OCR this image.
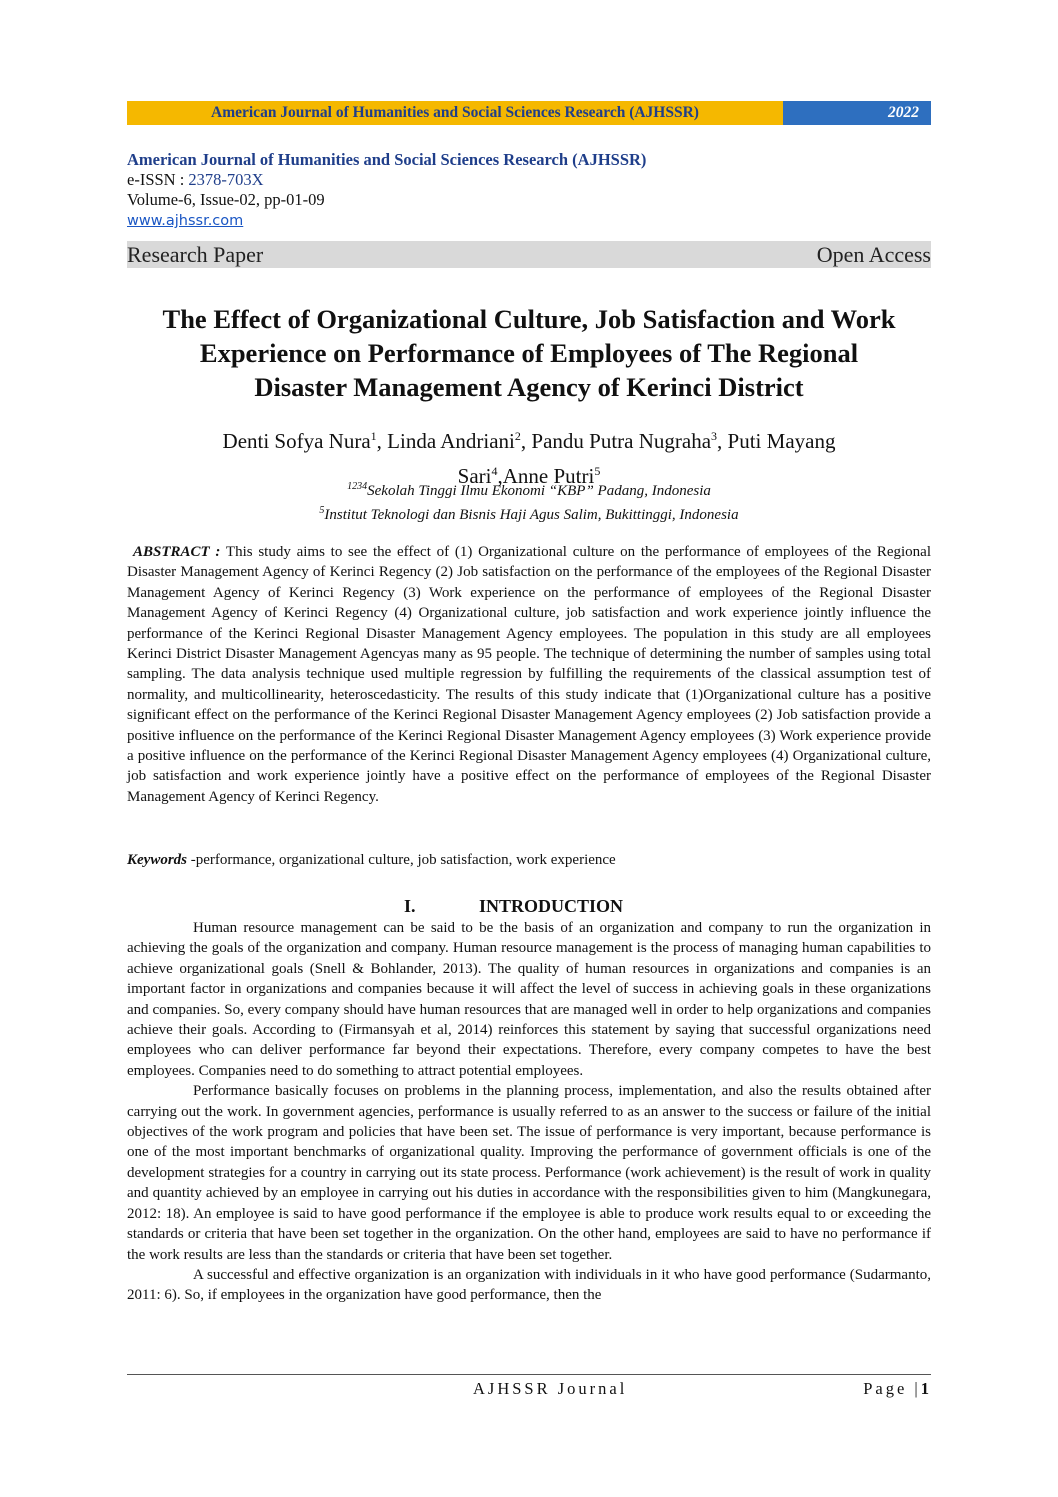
American Journal of Humanities and Social Sciences Research (AJHSSR)	2022
American Journal of Humanities and Social Sciences Research (AJHSSR)
e-ISSN : 2378-703X
Volume-6, Issue-02, pp-01-09
www.ajhssr.com
Research Paper	Open Access
The Effect of Organizational Culture, Job Satisfaction and Work
Experience on Performance of Employees of The Regional
Disaster Management Agency of Kerinci District
Denti Sofya Nura$^1$, Linda Andriani$^2$, Pandu Putra Nugraha$^3$, Puti Mayang
Sari$^4$,Anne Putri$^5$
$^{1234}$Sekolah Tinggi Ilmu Ekonomi “KBP” Padang, Indonesia
$^5$Institut Teknologi dan Bisnis Haji Agus Salim, Bukittinggi, Indonesia

ABSTRACT : This study aims to see the effect of (1) Organizational culture on the performance of employees of the Regional Disaster Management Agency of Kerinci Regency (2) Job satisfaction on the performance of the employees of the Regional Disaster Management Agency of Kerinci Regency (3) Work experience on the performance of employees of the Regional Disaster Management Agency of Kerinci Regency (4) Organizational culture, job satisfaction and work experience jointly influence the performance of the Kerinci Regional Disaster Management Agency employees. The population in this study are all employees Kerinci District Disaster Management Agencyas many as 95 people. The technique of determining the number of samples using total sampling. The data analysis technique used multiple regression by fulfilling the requirements of the classical assumption test of normality, and multicollinearity, heteroscedasticity. The results of this study indicate that (1)Organizational culture has a positive significant effect on the performance of the Kerinci Regional Disaster Management Agency employees (2) Job satisfaction provide a positive influence on the performance of the Kerinci Regional Disaster Management Agency employees (3) Work experience provide a positive influence on the performance of the Kerinci Regional Disaster Management Agency employees (4) Organizational culture, job satisfaction and work experience jointly have a positive effect on the performance of employees of the Regional Disaster Management Agency of Kerinci Regency.

Keywords -performance, organizational culture, job satisfaction, work experience
I.	INTRODUCTION

Human resource management can be said to be the basis of an organization and company to run the organization in achieving the goals of the organization and company. Human resource management is the process of managing human capabilities to achieve organizational goals (Snell & Bohlander, 2013). The quality of human resources in organizations and companies is an important factor in organizations and companies because it will affect the level of success in achieving goals in these organizations and companies. So, every company should have human resources that are managed well in order to help organizations and companies achieve their goals. According to (Firmansyah et al, 2014) reinforces this statement by saying that successful organizations need employees who can deliver performance far beyond their expectations. Therefore, every company competes to have the best employees. Companies need to do something to attract potential employees.

Performance basically focuses on problems in the planning process, implementation, and also the results obtained after carrying out the work. In government agencies, performance is usually referred to as an answer to the success or failure of the initial objectives of the work program and policies that have been set. The issue of performance is very important, because performance is one of the most important benchmarks of organizational quality. Improving the performance of government officials is one of the development strategies for a country in carrying out its state process. Performance (work achievement) is the result of work in quality and quantity achieved by an employee in carrying out his duties in accordance with the responsibilities given to him (Mangkunegara, 2012: 18). An employee is said to have good performance if the employee is able to produce work results equal to or exceeding the standards or criteria that have been set together in the organization. On the other hand, employees are said to have no performance if the work results are less than the standards or criteria that have been set together.

A successful and effective organization is an organization with individuals in it who have good performance (Sudarmanto, 2011: 6). So, if employees in the organization have good performance, then the

AJHSSR Journal	Page |1
